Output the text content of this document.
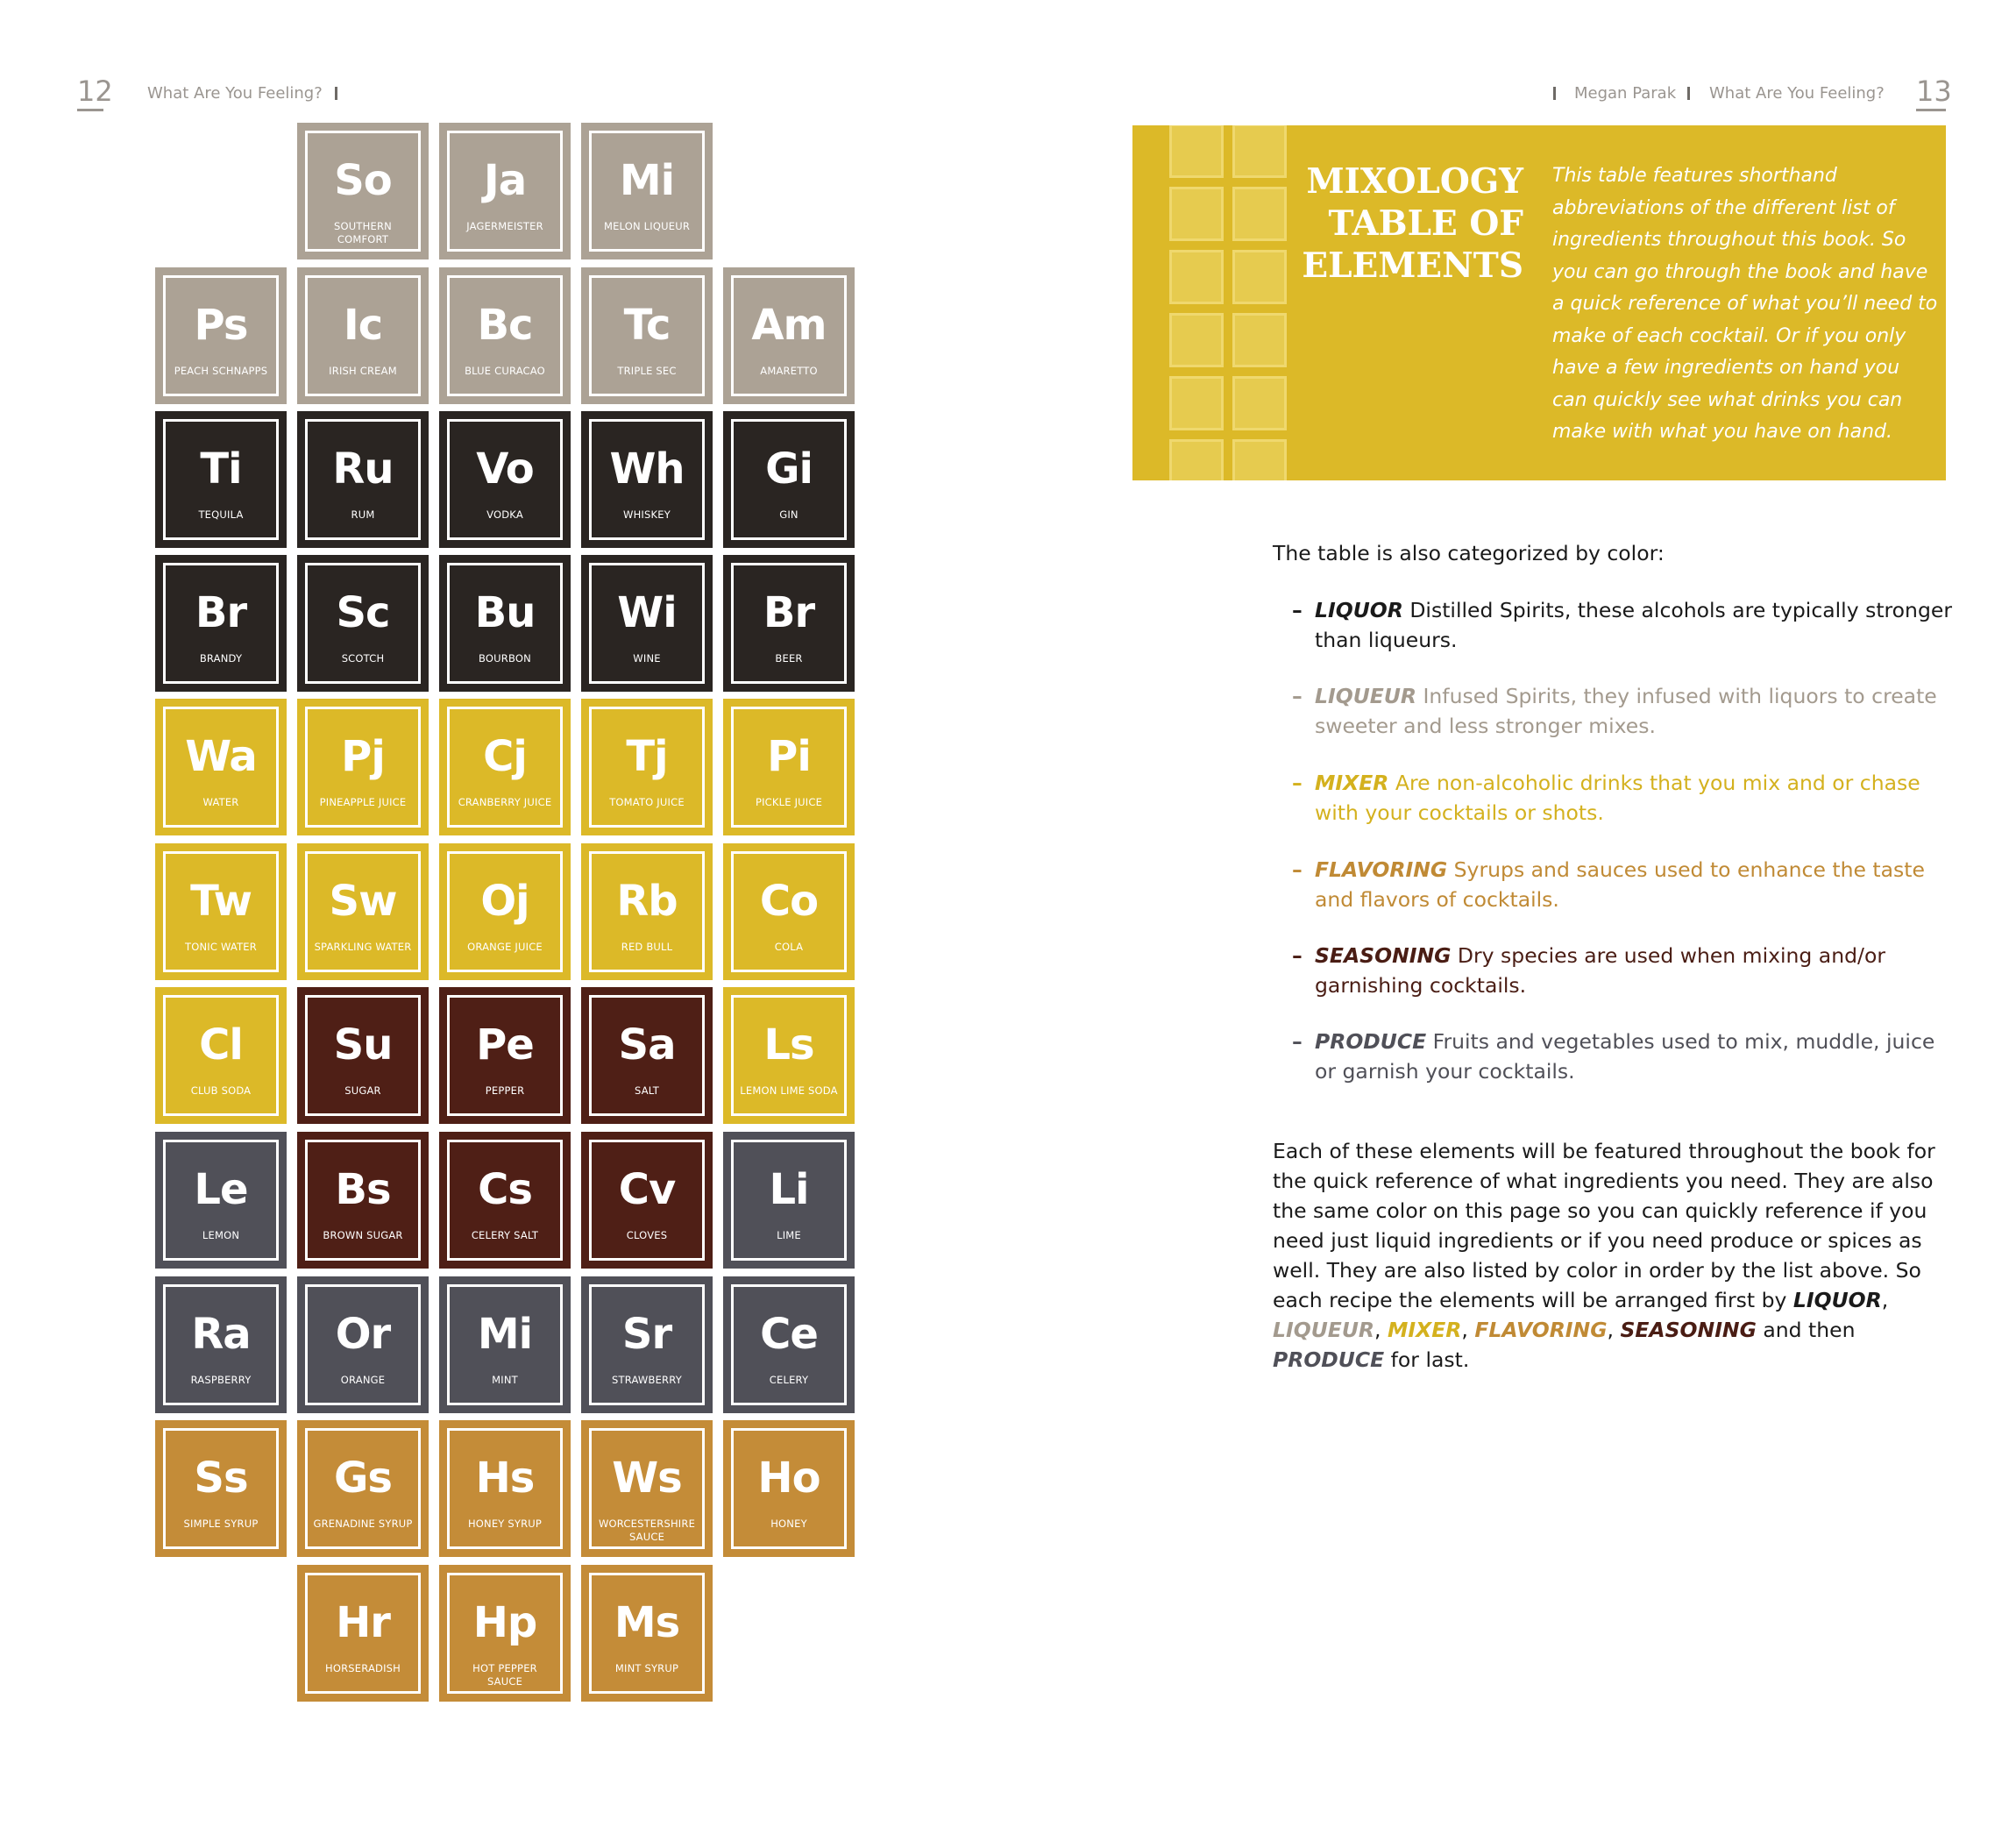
12 What Are You Feeling?	Megan Parak What Are You Feeling? 13
So
SOUTHERN COMFORT
Ja
JAGERMEISTER
Mi
MELON LIQUEUR
Ps
PEACH SCHNAPPS
Ic
IRISH CREAM
Bc
BLUE CURACAO
Tc
TRIPLE SEC
Am
AMARETTO
Ti
TEQUILA
Ru
RUM
Vo
VODKA
Wh
WHISKEY
Gi
GIN
Br
BRANDY
Sc
SCOTCH
Bu
BOURBON
Wi
WINE
Br
BEER
Wa
WATER
Pj
PINEAPPLE JUICE
Cj
CRANBERRY JUICE
Tj
TOMATO JUICE
Pi
PICKLE JUICE
Tw
TONIC WATER
Sw
SPARKLING WATER
Oj
ORANGE JUICE
Rb
RED BULL
Co
COLA
Cl
CLUB SODA
Su
SUGAR
Pe
PEPPER
Sa
SALT
Ls
LEMON LIME SODA
Le
LEMON
Bs
BROWN SUGAR
Cs
CELERY SALT
Cv
CLOVES
Li
LIME
Ra
RASPBERRY
Or
ORANGE
Mi
MINT
Sr
STRAWBERRY
Ce
CELERY
Ss
SIMPLE SYRUP
Gs
GRENADINE SYRUP
Hs
HONEY SYRUP
Ws
WORCESTERSHIRE SAUCE
Ho
HONEY
Hr
HORSERADISH
Hp
HOT PEPPER SAUCE
Ms
MINT SYRUP
MIXOLOGY
TABLE OF
ELEMENTS
This table features shorthand abbreviations of the different list of ingredients throughout this book. So you can go through the book and have a quick reference of what you’ll need to make of each cocktail. Or if you only have a few ingredients on hand you can quickly see what drinks you can make with what you have on hand.
The table is also categorized by color:
– LIQUOR Distilled Spirits, these alcohols are typically stronger than liqueurs.
– LIQUEUR Infused Spirits, they infused with liquors to create sweeter and less stronger mixes.
– MIXER Are non-alcoholic drinks that you mix and or chase with your cocktails or shots.
– FLAVORING Syrups and sauces used to enhance the taste and flavors of cocktails.
– SEASONING Dry species are used when mixing and/or garnishing cocktails.
– PRODUCE Fruits and vegetables used to mix, muddle, juice or garnish your cocktails.
Each of these elements will be featured throughout the book for the quick reference of what ingredients you need. They are also the same color on this page so you can quickly reference if you need just liquid ingredients or if you need produce or spices as well. They are also listed by color in order by the list above. So each recipe the elements will be arranged first by LIQUOR, LIQUEUR, MIXER, FLAVORING, SEASONING and then PRODUCE for last.
